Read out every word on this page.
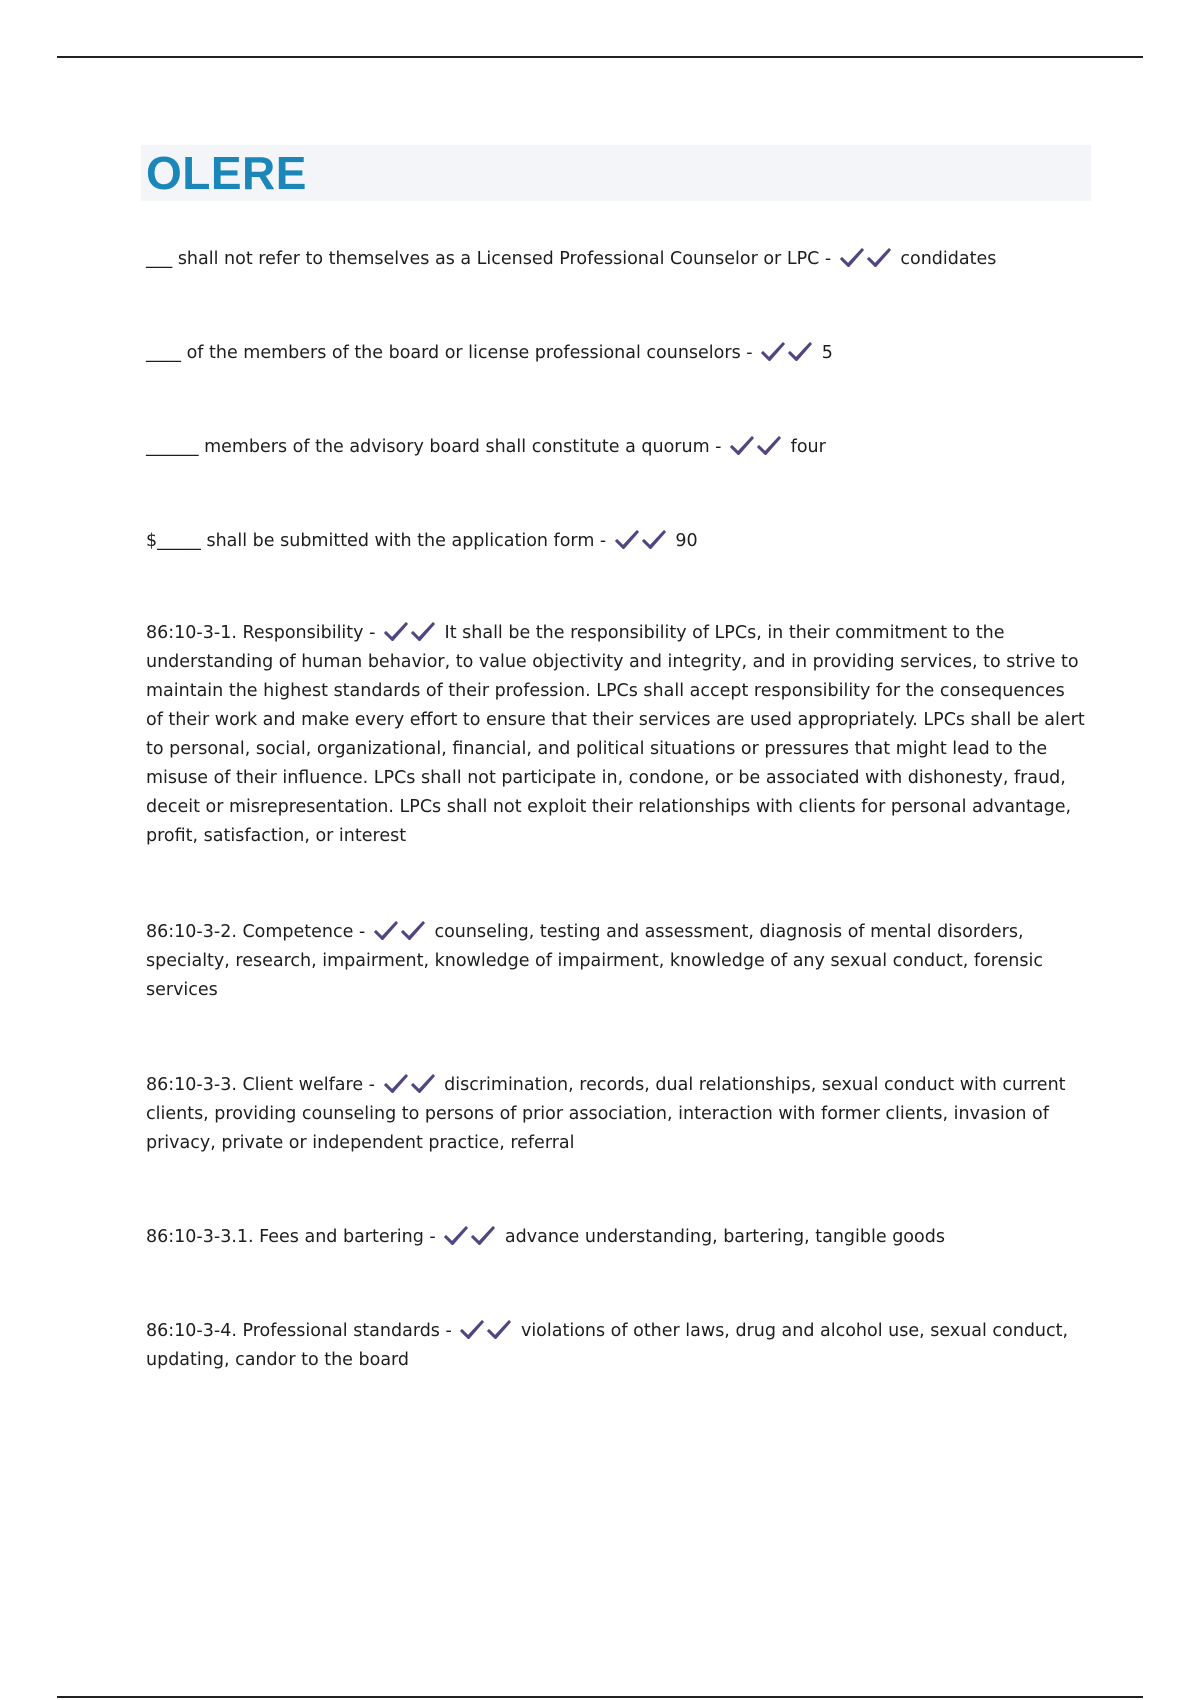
OLERE

___ shall not refer to themselves as a Licensed Professional Counselor or LPC -	condidates

____ of the members of the board or license professional counselors -	5

______ members of the advisory board shall constitute a quorum -	four

$_____ shall be submitted with the application form -	90

86:10-3-1. Responsibility -	It shall be the responsibility of LPCs, in their commitment to the understanding of human behavior, to value objectivity and integrity, and in providing services, to strive to maintain the highest standards of their profession. LPCs shall accept responsibility for the consequences of their work and make every effort to ensure that their services are used appropriately. LPCs shall be alert to personal, social, organizational, financial, and political situations or pressures that might lead to the misuse of their influence. LPCs shall not participate in, condone, or be associated with dishonesty, fraud, deceit or misrepresentation. LPCs shall not exploit their relationships with clients for personal advantage, profit, satisfaction, or interest

86:10-3-2. Competence -	counseling, testing and assessment, diagnosis of mental disorders, specialty, research, impairment, knowledge of impairment, knowledge of any sexual conduct, forensic services

86:10-3-3. Client welfare -	discrimination, records, dual relationships, sexual conduct with current clients, providing counseling to persons of prior association, interaction with former clients, invasion of privacy, private or independent practice, referral

86:10-3-3.1. Fees and bartering -	advance understanding, bartering, tangible goods

86:10-3-4. Professional standards -	violations of other laws, drug and alcohol use, sexual conduct, updating, candor to the board
